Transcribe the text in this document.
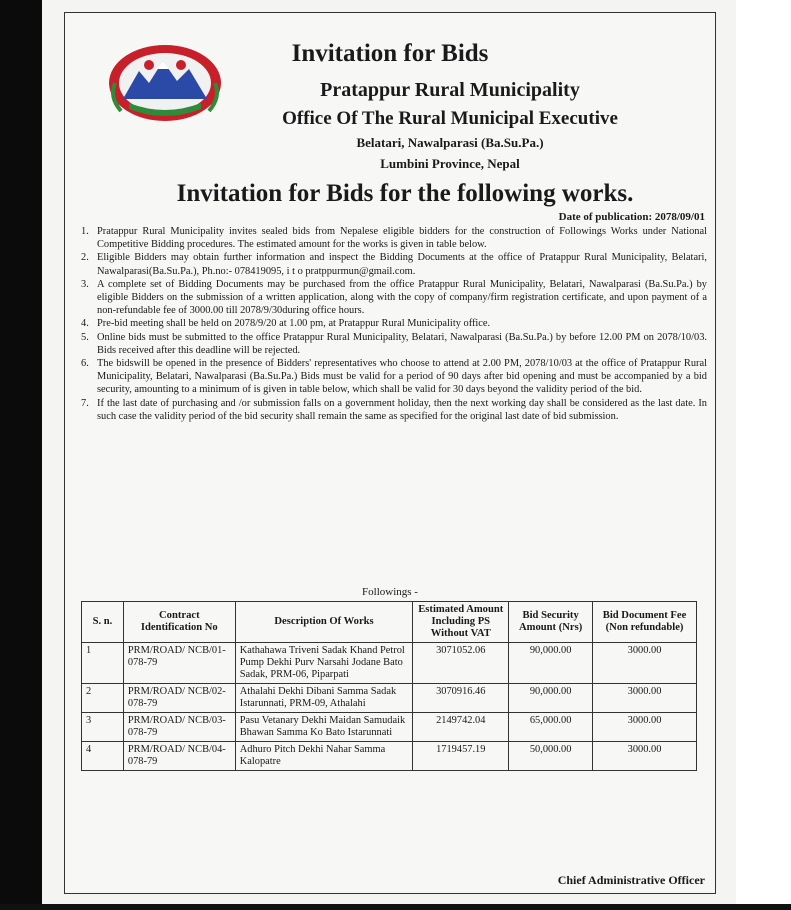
Invitation for Bids
Pratappur Rural Municipality
Office Of The Rural Municipal Executive
Belatari, Nawalparasi (Ba.Su.Pa.)
Lumbini Province, Nepal
Invitation for Bids for the following works.
Date of publication: 2078/09/01
1. Pratappur Rural Municipality invites sealed bids from Nepalese eligible bidders for the construction of Followings Works under National Competitive Bidding procedures. The estimated amount for the works is given in table below.
2. Eligible Bidders may obtain further information and inspect the Bidding Documents at the office of Pratappur Rural Municipality, Belatari, Nawalparasi(Ba.Su.Pa.), Ph.no:- 078419095, i t o pratppurmun@gmail.com.
3. A complete set of Bidding Documents may be purchased from the office Pratappur Rural Municipality, Belatari, Nawalparasi (Ba.Su.Pa.) by eligible Bidders on the submission of a written application, along with the copy of company/firm registration certificate, and upon payment of a non-refundable fee of 3000.00 till 2078/9/30during office hours.
4. Pre-bid meeting shall be held on 2078/9/20 at 1.00 pm, at Pratappur Rural Municipality office.
5. Online bids must be submitted to the office Pratappur Rural Municipality, Belatari, Nawalparasi (Ba.Su.Pa.) by before 12.00 PM on 2078/10/03. Bids received after this deadline will be rejected.
6. The bidswill be opened in the presence of Bidders' representatives who choose to attend at 2.00 PM, 2078/10/03 at the office of Pratappur Rural Municipality, Belatari, Nawalparasi (Ba.Su.Pa.) Bids must be valid for a period of 90 days after bid opening and must be accompanied by a bid security, amounting to a minimum of is given in table below, which shall be valid for 30 days beyond the validity period of the bid.
7. If the last date of purchasing and /or submission falls on a government holiday, then the next working day shall be considered as the last date. In such case the validity period of the bid security shall remain the same as specified for the original last date of bid submission.
Followings -
S. n.	Contract Identification No	Description Of Works	Estimated Amount Including PS Without VAT	Bid Security Amount (Nrs)	Bid Document Fee (Non refundable)
1	PRM/ROAD/ NCB/01-078-79	Kathahawa Triveni Sadak Khand Petrol Pump Dekhi Purv Narsahi Jodane Bato Sadak, PRM-06, Piparpati	3071052.06	90,000.00	3000.00
2	PRM/ROAD/ NCB/02-078-79	Athalahi Dekhi Dibani Samma Sadak Istarunnati, PRM-09, Athalahi	3070916.46	90,000.00	3000.00
3	PRM/ROAD/ NCB/03-078-79	Pasu Vetanary Dekhi Maidan Samudaik Bhawan Samma Ko Bato Istarunnati	2149742.04	65,000.00	3000.00
4	PRM/ROAD/ NCB/04-078-79	Adhuro Pitch Dekhi Nahar Samma Kalopatre	1719457.19	50,000.00	3000.00
Chief Administrative Officer
